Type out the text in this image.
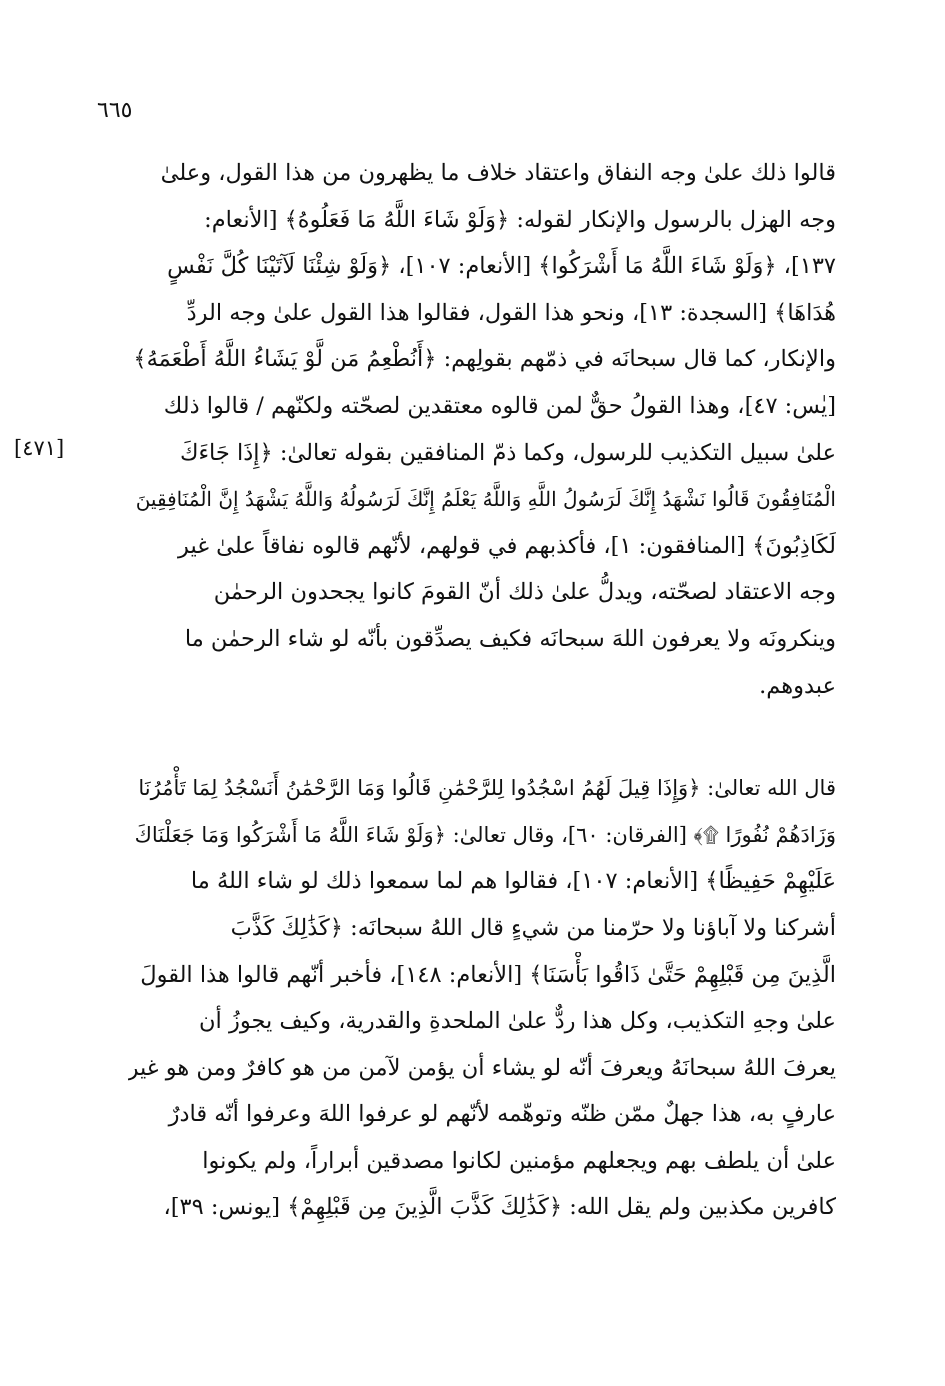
٦٦٥
[٤٧١]
قالوا ذلك علىٰ وجه النفاق واعتقاد خلاف ما يظهرون من هذا القول، وعلىٰ
وجه الهزل بالرسول والإنكار لقوله: ﴿وَلَوْ شَاءَ اللَّهُ مَا فَعَلُوهُ﴾ [الأنعام:
١٣٧]، ﴿وَلَوْ شَاءَ اللَّهُ مَا أَشْرَكُوا﴾ [الأنعام: ١٠٧]، ﴿وَلَوْ شِئْنَا لَآتَيْنَا كُلَّ نَفْسٍ
هُدَاهَا﴾ [السجدة: ١٣]، ونحو هذا القول، فقالوا هذا القول علىٰ وجه الردِّ
والإنكار، كما قال سبحانَه في ذمّهم بقولِهم: ﴿أَنُطْعِمُ مَن لَّوْ يَشَاءُ اللَّهُ أَطْعَمَهُ﴾
[يٰس: ٤٧]، وهذا القولُ حقٌّ لمن قالوه معتقدين لصحّته ولكنّهم / قالوا ذلك
علىٰ سبيل التكذيب للرسول، وكما ذمّ المنافقين بقوله تعالىٰ: ﴿إِذَا جَاءَكَ
الْمُنَافِقُونَ قَالُوا نَشْهَدُ إِنَّكَ لَرَسُولُ اللَّهِ وَاللَّهُ يَعْلَمُ إِنَّكَ لَرَسُولُهُ وَاللَّهُ يَشْهَدُ إِنَّ الْمُنَافِقِينَ
لَكَاذِبُونَ﴾ [المنافقون: ١]، فأكذبهم في قولهم، لأنّهم قالوه نفاقاً علىٰ غير
وجه الاعتقاد لصحّته، ويدلُّ علىٰ ذلك أنّ القومَ كانوا يجحدون الرحمٰن
وينكرونَه ولا يعرفون اللهَ سبحانَه فكيف يصدِّقون بأنّه لو شاء الرحمٰن ما
عبدوهم.
قال الله تعالىٰ: ﴿وَإِذَا قِيلَ لَهُمُ اسْجُدُوا لِلرَّحْمَٰنِ قَالُوا وَمَا الرَّحْمَٰنُ أَنَسْجُدُ لِمَا تَأْمُرُنَا
وَزَادَهُمْ نُفُورًا ۩﴾ [الفرقان: ٦٠]، وقال تعالىٰ: ﴿وَلَوْ شَاءَ اللَّهُ مَا أَشْرَكُوا وَمَا جَعَلْنَاكَ
عَلَيْهِمْ حَفِيظًا﴾ [الأنعام: ١٠٧]، فقالوا هم لما سمعوا ذلك لو شاء اللهُ ما
أشركنا ولا آباؤنا ولا حرّمنا من شيءٍ قال اللهُ سبحانَه: ﴿كَذَٰلِكَ كَذَّبَ
الَّذِينَ مِن قَبْلِهِمْ حَتَّىٰ ذَاقُوا بَأْسَنَا﴾ [الأنعام: ١٤٨]، فأخبر أنّهم قالوا هذا القولَ
علىٰ وجهِ التكذيب، وكل هذا ردٌّ علىٰ الملحدةِ والقدرية، وكيف يجوزُ أن
يعرفَ اللهُ سبحانَهُ ويعرفَ أنّه لو يشاء أن يؤمن لآمن من هو كافرٌ ومن هو غير
عارفٍ به، هذا جهلٌ ممّن ظنّه وتوهّمه لأنّهم لو عرفوا اللهَ وعرفوا أنّه قادرٌ
علىٰ أن يلطف بهم ويجعلهم مؤمنين لكانوا مصدقين أبراراً، ولم يكونوا
كافرين مكذبين ولم يقل الله: ﴿كَذَٰلِكَ كَذَّبَ الَّذِينَ مِن قَبْلِهِمْ﴾ [يونس: ٣٩]،
